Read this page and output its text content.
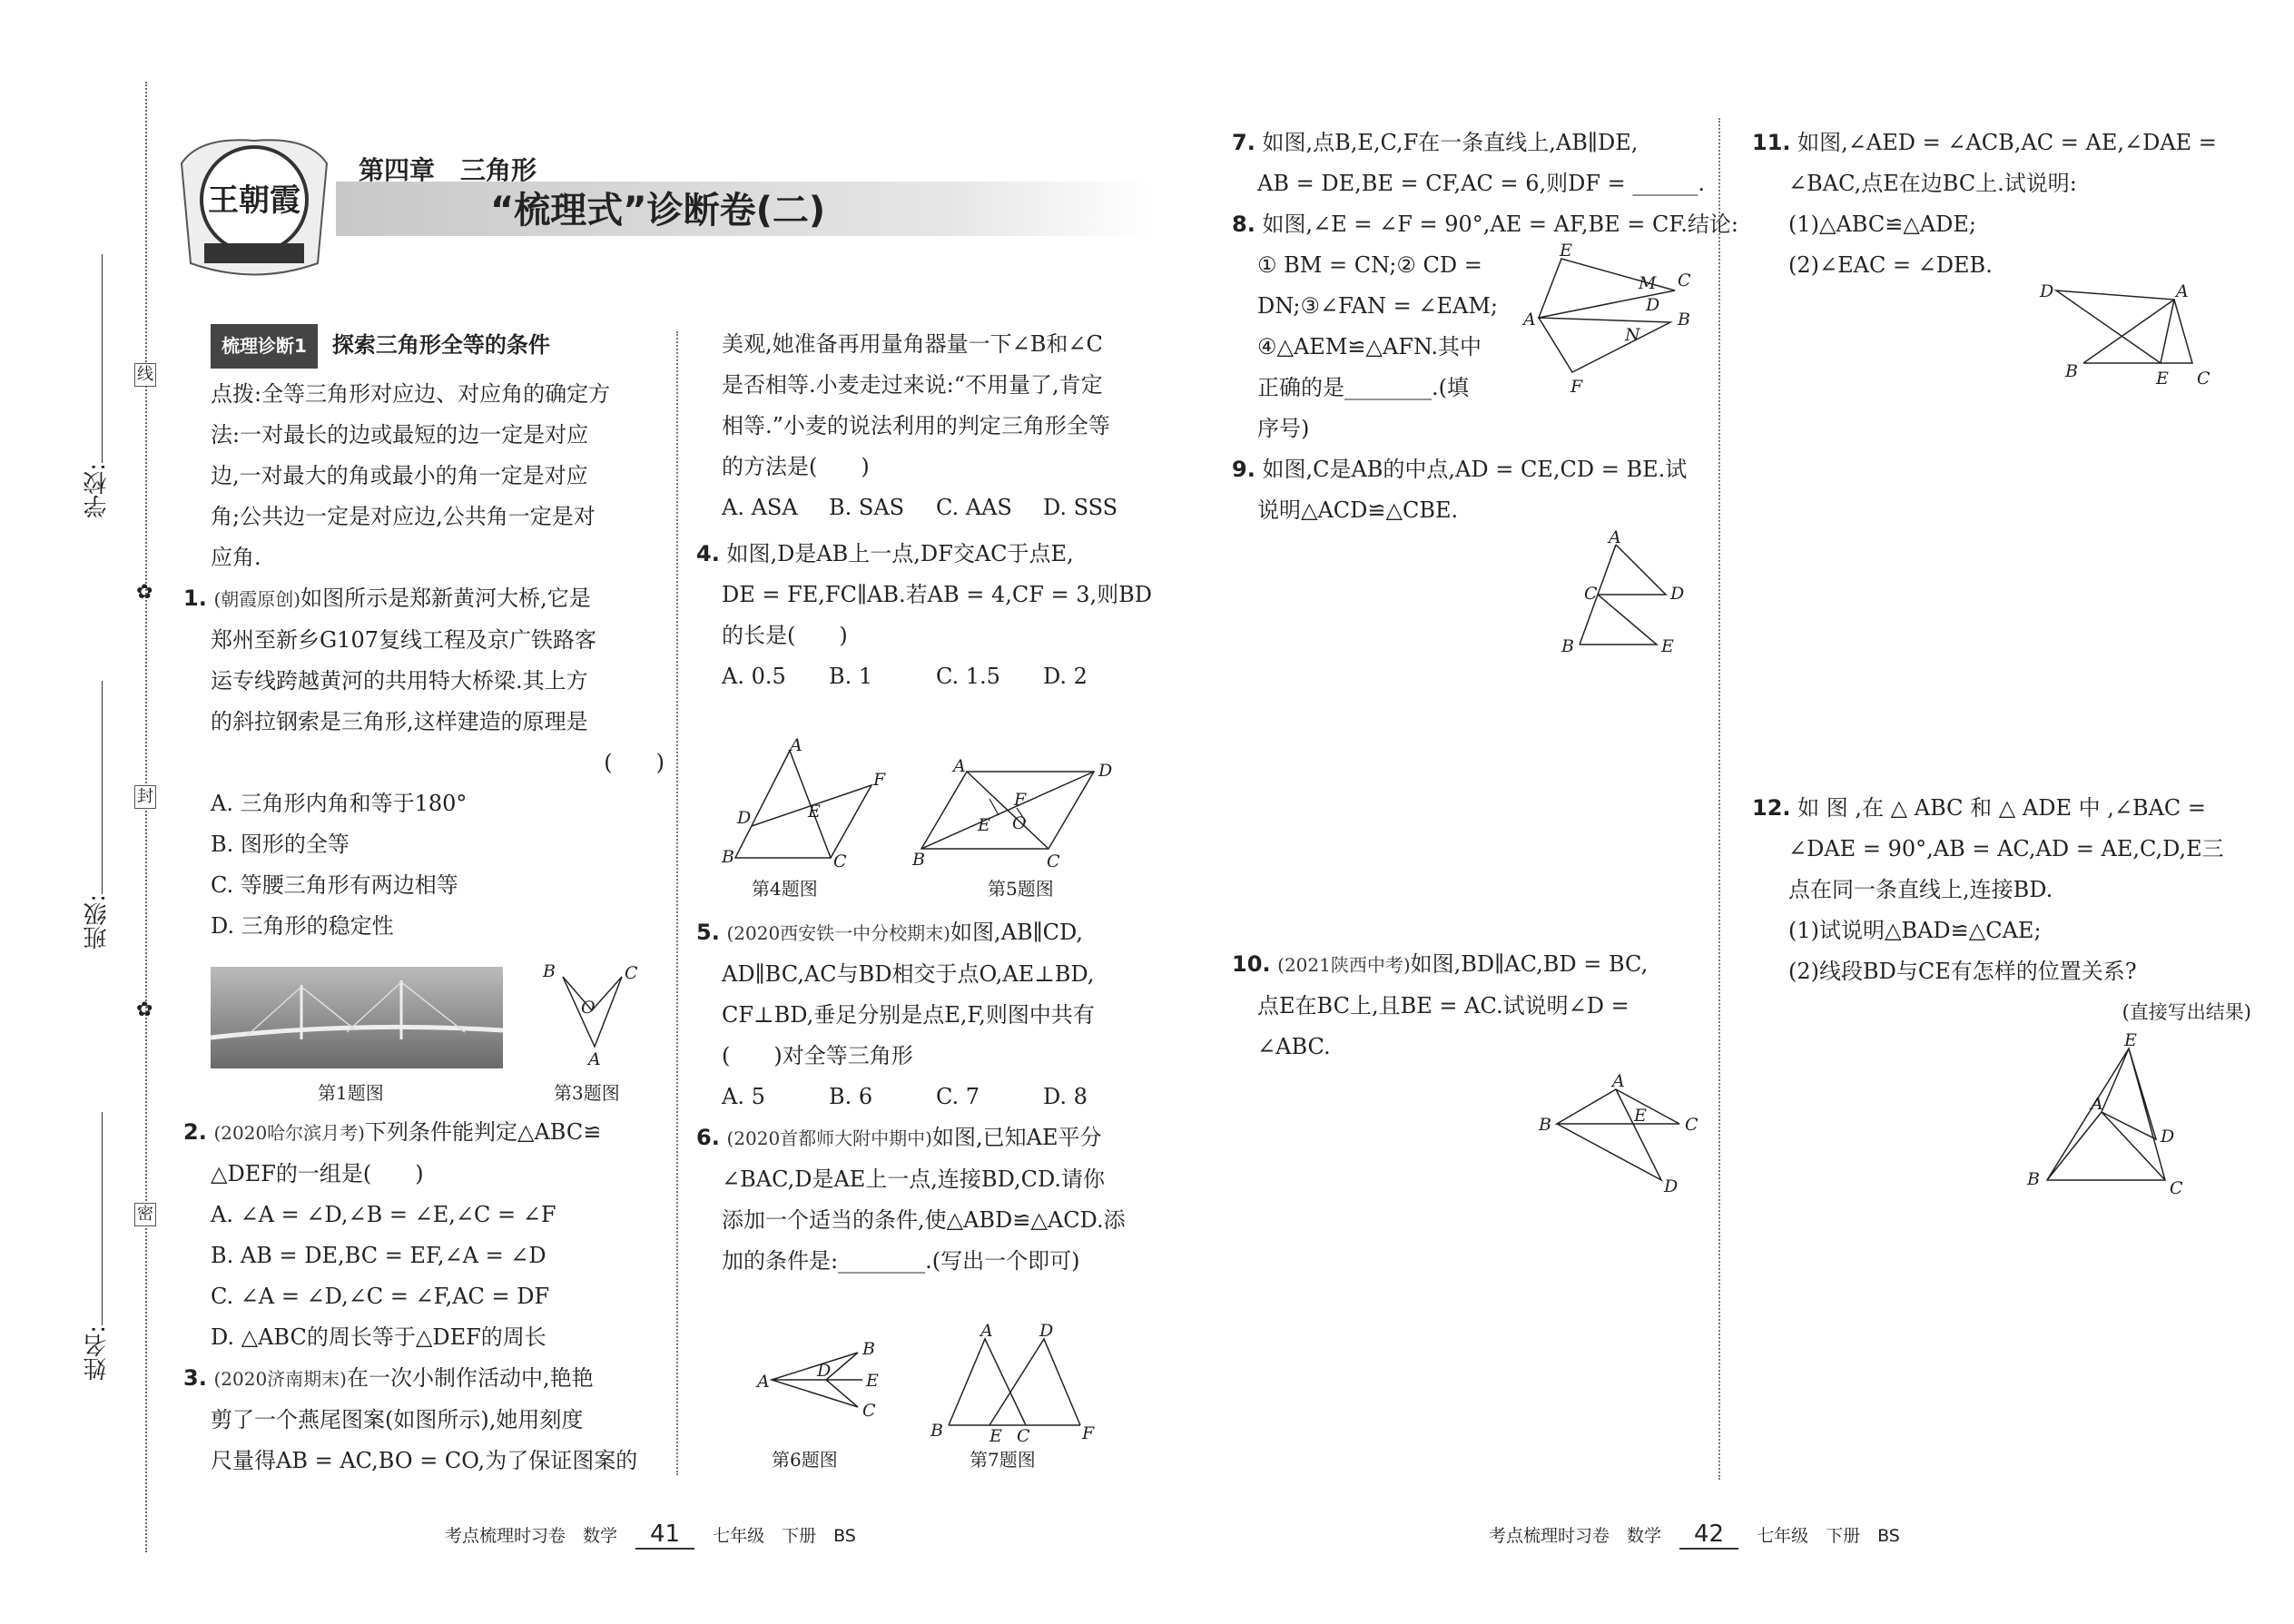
学校:
班级:
姓名:
线
封
密
✿
✿
王朝霞
第四章　三角形
“梳理式”诊断卷(二)

梳理诊断1 探索三角形全等的条件

点拨:全等三角形对应边、对应角的确定方

法:一对最长的边或最短的边一定是对应

边,一对最大的角或最小的角一定是对应

角;公共边一定是对应边,公共角一定是对

应角.

1. (朝霞原创)如图所示是郑新黄河大桥,它是

郑州至新乡G107复线工程及京广铁路客

运专线跨越黄河的共用特大桥梁.其上方

的斜拉钢索是三角形,这样建造的原理是

(　　)

A. 三角形内角和等于180°

B. 图形的全等

C. 等腰三角形有两边相等

D. 三角形的稳定性

第1题图
B	C
O
A
第3题图

2. (2020哈尔滨月考)下列条件能判定△ABC≌

△DEF的一组是(　　)

A. ∠A = ∠D,∠B = ∠E,∠C = ∠F

B. AB = DE,BC = EF,∠A = ∠D

C. ∠A = ∠D,∠C = ∠F,AC = DF

D. △ABC的周长等于△DEF的周长

3. (2020济南期末)在一次小制作活动中,艳艳

剪了一个燕尾图案(如图所示),她用刻度

尺量得AB = AC,BO = CO,为了保证图案的

美观,她准备再用量角器量一下∠B和∠C

是否相等.小麦走过来说:“不用量了,肯定

相等.”小麦的说法利用的判定三角形全等

的方法是(　　)

A. ASA B. SAS C. AAS D. SSS

4. 如图,D是AB上一点,DF交AC于点E,

DE = FE,FC∥AB.若AB = 4,CF = 3,则BD

的长是(　　)

A. 0.5 B. 1	C. 1.5 D. 2

A
B	C
D	E
F
第4题图
A	D
B	C
O
E
F
第5题图

5. (2020西安铁一中分校期末)如图,AB∥CD,

AD∥BC,AC与BD相交于点O,AE⊥BD,

CF⊥BD,垂足分别是点E,F,则图中共有

(　　)对全等三角形

A. 5	B. 6	C. 7	D. 8

6. (2020首都师大附中期中)如图,已知AE平分

∠BAC,D是AE上一点,连接BD,CD.请你

添加一个适当的条件,使△ABD≌△ACD.添

加的条件是:________.(写出一个即可)

A
B
C
D E
第6题图
A	D
B	E C	F
第7题图

7. 如图,点B,E,C,F在一条直线上,AB∥DE,

AB = DE,BE = CF,AC = 6,则DF = ______.

8. 如图,∠E = ∠F = 90°,AE = AF,BE = CF.结论:

① BM = CN;② CD =

DN;③∠FAN = ∠EAM;

④△AEM≌△AFN.其中

正确的是________.(填

序号)

9. 如图,C是AB的中点,AD = CE,CD = BE.试

说明△ACD≌△CBE.

E
C
B
A
F
M
D
N
A
C	D
B	E

10. (2021陕西中考)如图,BD∥AC,BD = BC,

点E在BC上,且BE = AC.试说明∠D =

∠ABC.

A
B	C
E
D

11. 如图,∠AED = ∠ACB,AC = AE,∠DAE =

∠BAC,点E在边BC上.试说明:

(1)△ABC≌△ADE;

(2)∠EAC = ∠DEB.

D	A
B	E C

12. 如 图 ,在 △ ABC 和 △ ADE 中 ,∠BAC =

∠DAE = 90°,AB = AC,AD = AE,C,D,E三

点在同一条直线上,连接BD.

(1)试说明△BAD≌△CAE;

(2)线段BD与CE有怎样的位置关系?

(直接写出结果)

E
A
D
B	C
考点梳理时习卷　数学 41 七年级　下册　BS	考点梳理时习卷　数学 42 七年级　下册　BS
